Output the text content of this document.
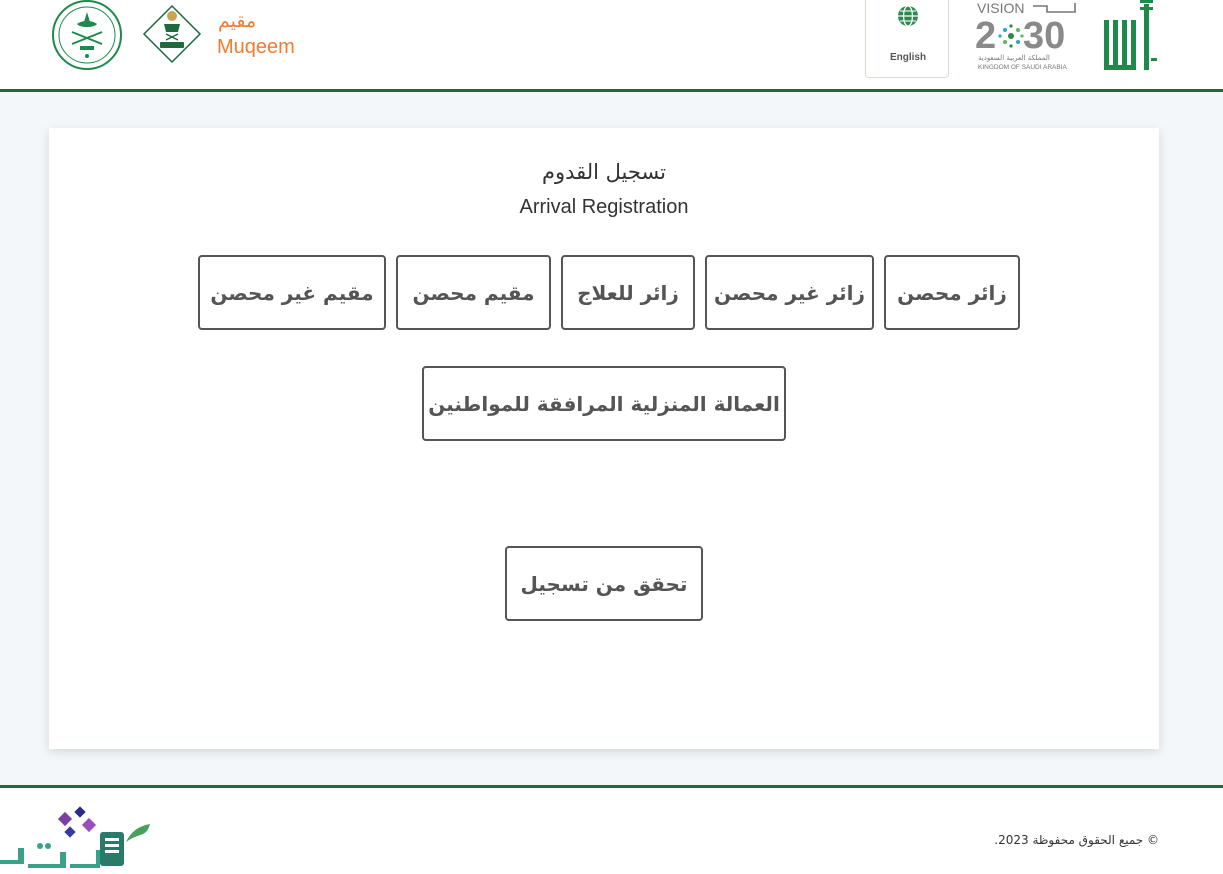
مقيم
Muqeem	English
VISION
2 30
المملكة العربية السعودية
KINGDOM OF SAUDI ARABIA
تسجيل القدوم
Arrival Registration
زائر محصن
زائر غير محصن
زائر للعلاج
مقيم محصن
مقيم غير محصن
العمالة المنزلية المرافقة للمواطنين
تحقق من تسجيل
© جميع الحقوق محفوظة 2023.
